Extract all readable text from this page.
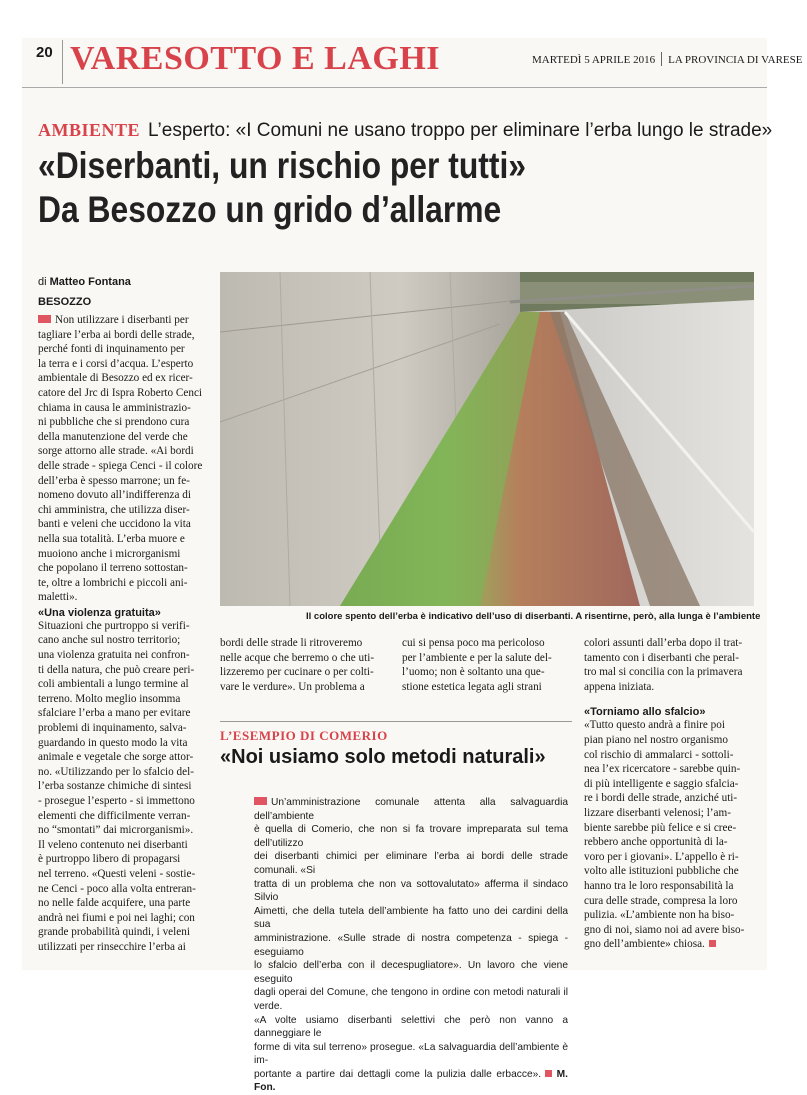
20 VARESOTTO E LAGHI	MARTEDÌ 5 APRILE 2016 LA PROVINCIA DI VARESE
AMBIENTE L’esperto: «I Comuni ne usano troppo per eliminare l’erba lungo le strade»
«Diserbanti, un rischio per tutti»
Da Besozzo un grido d’allarme
di Matteo Fontana
BESOZZO
Il colore spento dell’erba è indicativo dell’uso di diserbanti. A risentirne, però, alla lunga è l’ambiente
Non utilizzare i diserbanti per
tagliare l’erba ai bordi delle strade,
perché fonti di inquinamento per
la terra e i corsi d’acqua. L’esperto
ambientale di Besozzo ed ex ricer-
catore del Jrc di Ispra Roberto Cenci
chiama in causa le amministrazio-
ni pubbliche che si prendono cura
della manutenzione del verde che
sorge attorno alle strade. «Ai bordi
delle strade - spiega Cenci - il colore
dell’erba è spesso marrone; un fe-
nomeno dovuto all’indifferenza di
chi amministra, che utilizza diser-
banti e veleni che uccidono la vita
nella sua totalità. L’erba muore e
muoiono anche i microrganismi
che popolano il terreno sottostan-
te, oltre a lombrichi e piccoli ani-
maletti».
«Una violenza gratuita»
Situazioni che purtroppo si verifi-
cano anche sul nostro territorio;
una violenza gratuita nei confron-
ti della natura, che può creare peri-
coli ambientali a lungo termine al
terreno. Molto meglio insomma
sfalciare l’erba a mano per evitare
problemi di inquinamento, salva-
guardando in questo modo la vita
animale e vegetale che sorge attor-
no. «Utilizzando per lo sfalcio del-
l’erba sostanze chimiche di sintesi
- prosegue l’esperto - si immettono
elementi che difficilmente verran-
no “smontati” dai microrganismi».
Il veleno contenuto nei diserbanti
è purtroppo libero di propagarsi
nel terreno. «Questi veleni - sostie-
ne Cenci - poco alla volta entreran-
no nelle falde acquifere, una parte
andrà nei fiumi e poi nei laghi; con
grande probabilità quindi, i veleni
utilizzati per rinsecchire l’erba ai
bordi delle strade li ritroveremo
nelle acque che berremo o che uti-
lizzeremo per cucinare o per colti-
vare le verdure». Un problema a
cui si pensa poco ma pericoloso
per l’ambiente e per la salute del-
l’uomo; non è soltanto una que-
stione estetica legata agli strani
colori assunti dall’erba dopo il trat-
tamento con i diserbanti che peral-
tro mal si concilia con la primavera
appena iniziata.
«Torniamo allo sfalcio»
«Tutto questo andrà a finire poi
pian piano nel nostro organismo
col rischio di ammalarci - sottoli-
nea l’ex ricercatore - sarebbe quin-
di più intelligente e saggio sfalcia-
re i bordi delle strade, anziché uti-
lizzare diserbanti velenosi; l’am-
biente sarebbe più felice e si cree-
rebbero anche opportunità di la-
voro per i giovani». L’appello è ri-
volto alle istituzioni pubbliche che
hanno tra le loro responsabilità la
cura delle strade, compresa la loro
pulizia. «L’ambiente non ha biso-
gno di noi, siamo noi ad avere biso-
gno dell’ambiente» chiosa.
L’ESEMPIO DI COMERIO
«Noi usiamo solo metodi naturali»
Un’amministrazione comunale attenta alla salvaguardia dell’ambiente
è quella di Comerio, che non si fa trovare impreparata sul tema dell’utilizzo
dei diserbanti chimici per eliminare l’erba ai bordi delle strade comunali. «Si
tratta di un problema che non va sottovalutato» afferma il sindaco Silvio
Aimetti, che della tutela dell’ambiente ha fatto uno dei cardini della sua
amministrazione. «Sulle strade di nostra competenza - spiega - eseguiamo
lo sfalcio dell’erba con il decespugliatore». Un lavoro che viene eseguito
dagli operai del Comune, che tengono in ordine con metodi naturali il verde.
«A volte usiamo diserbanti selettivi che però non vanno a danneggiare le
forme di vita sul terreno» prosegue. «La salvaguardia dell’ambiente è im-
portante a partire dai dettagli come la pulizia dalle erbacce». M. Fon.
